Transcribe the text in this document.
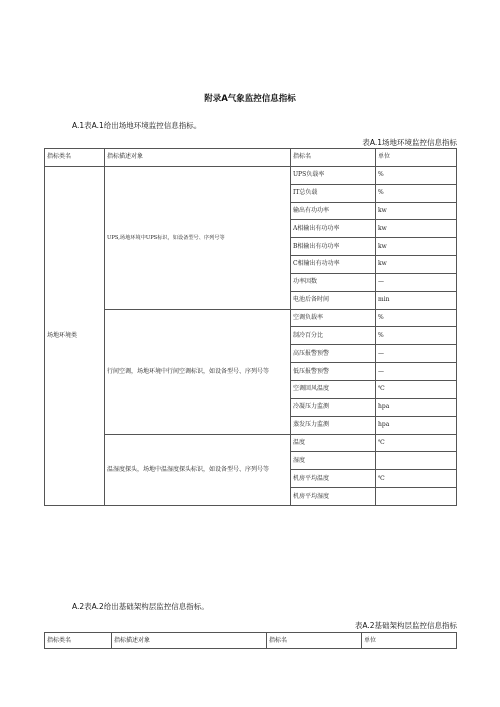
附录A气象监控信息指标
A.1表A.1给出场地环境监控信息指标。
表A.1场地环境监控信息指标
指标类名	指标描述对象	指标名	单位
场地环境类	UPS,场地环境中UPS标识，如设备型号、序列号等	UPS负载率	%
		IT总负载	%
		输出有功功率	kw
		A相输出有功功率	kw
		B相输出有功功率	kw
		C相输出有功功率	kw
		功率因数	—
		电池后备时间	min
	行间空调，场地环境中行间空调标识，如设备型号、序列号等	空调负载率	%
		制冷百分比	%
		高压报警预警	—
		低压报警预警	—
		空调回风温度	℃
		冷凝压力监测	hpa
		蒸发压力监测	hpa
	温湿度探头，场地中温湿度探头标识，如设备型号、序列号等	温度	℃
		湿度	
		机房平均温度	℃
		机房平均湿度	
A.2表A.2给出基础架构层监控信息指标。
表A.2基础架构层监控信息指标
指标类名	指标描述对象	指标名	单位
